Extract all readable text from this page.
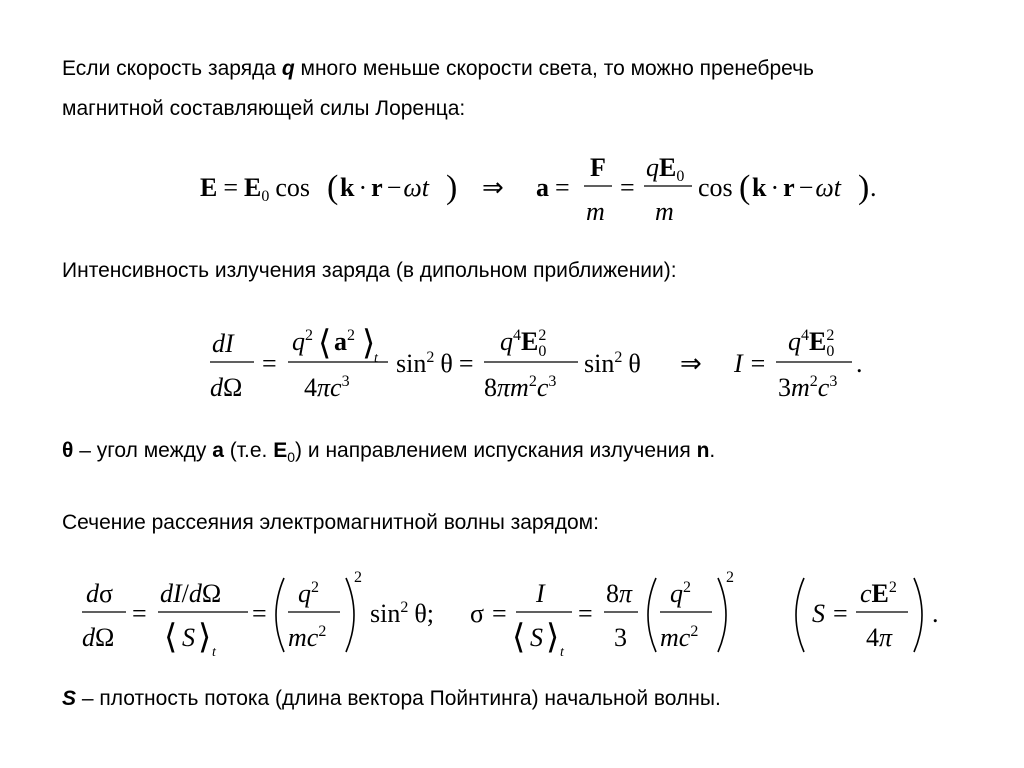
Если скорость заряда q много меньше скорости света, то можно пренебречь
магнитной составляющей силы Лоренца:
E = E0 cos ( k · r −ωt ) ⇒ a =
F
m
=
qE0
m
cos ( k · r −ωt ) .
Интенсивность излучения заряда (в дипольном приближении):
dI
dΩ
=
$q^2$ ⟨ $a^2$ ⟩
t
$4\pi c^3$
$\sin^2 \theta$ =
$q^4E^2$ 0
$8\pi m^2c^3$
$\sin^2 \theta$ ⇒ I =
$q^4E^2$ 0
$3m^2c^3$
.
θ – угол между a (т.е. $E_0$) и направлением испускания излучения n.
Сечение рассеяния электромагнитной волны зарядом:
dσ
dΩ
=
dI/dΩ
⟨ S ⟩ t
=
$q^2$
$mc^2$
2
$\sin^2 \theta$; σ =
I
⟨ S ⟩ t
=
8π
3
$q^2$
$mc^2$
2
S =
$cE^2$
4π
.
S – плотность потока (длина вектора Пойнтинга) начальной волны.
